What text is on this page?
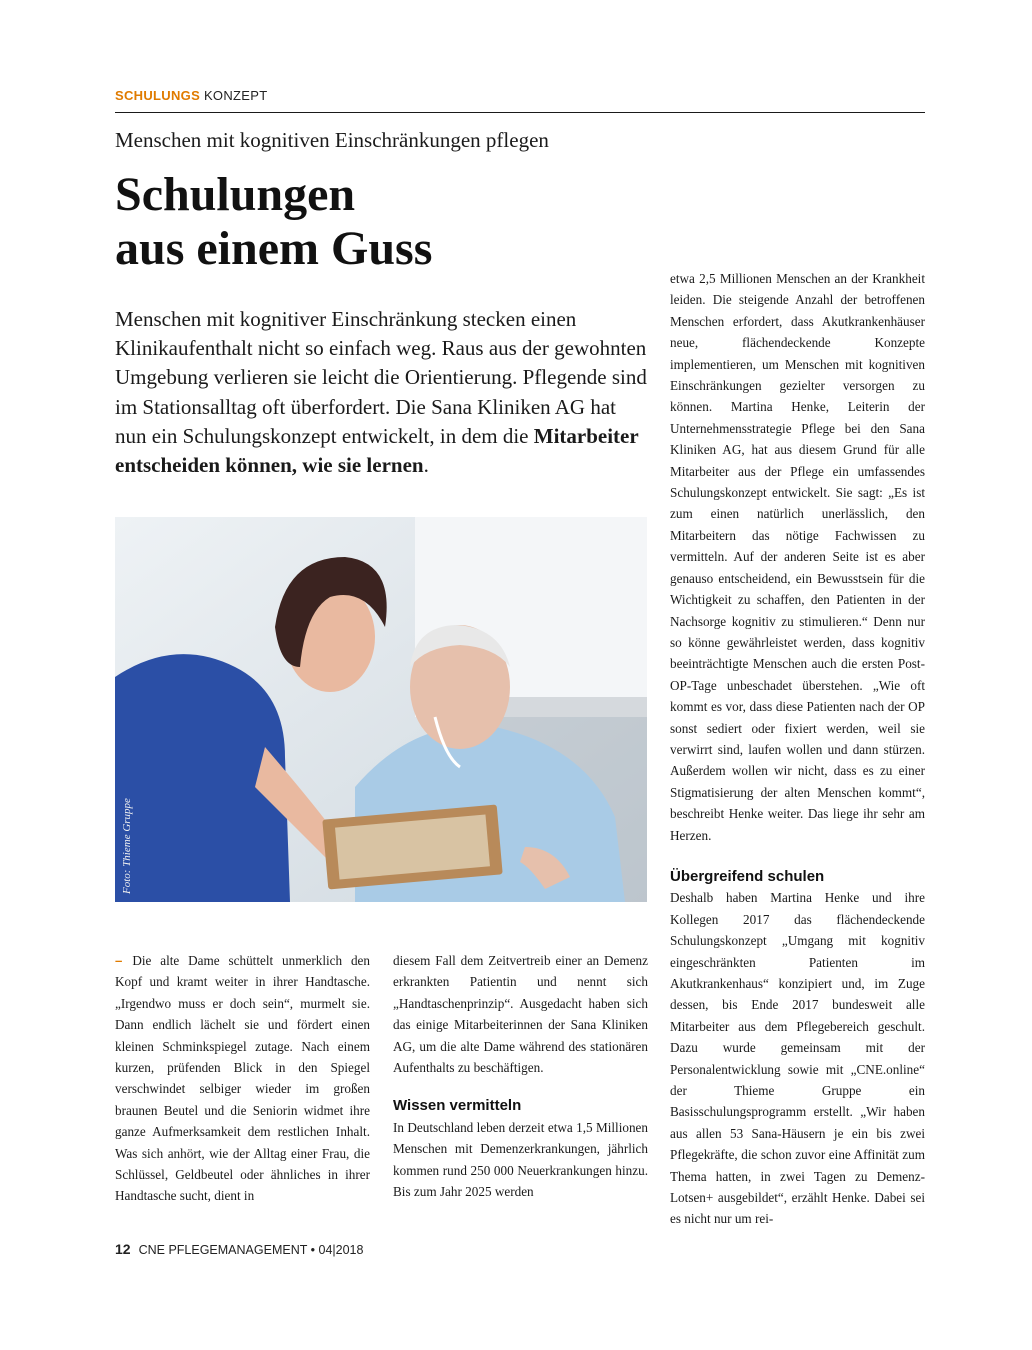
SCHULUNGS KONZEPT
Menschen mit kognitiven Einschränkungen pflegen
Schulungen
aus einem Guss

Menschen mit kognitiver Einschränkung stecken einen Klinikaufenthalt nicht so einfach weg. Raus aus der gewohnten Umgebung verlieren sie leicht die Orientierung. Pflegende sind im Stationsalltag oft überfordert. Die Sana Kliniken AG hat nun ein Schulungskonzept entwickelt, in dem die Mitarbeiter entscheiden können, wie sie lernen.

Foto: Thieme Gruppe

– Die alte Dame schüttelt unmerklich den Kopf und kramt weiter in ihrer Handtasche. „Irgendwo muss er doch sein“, murmelt sie. Dann endlich lächelt sie und fördert einen kleinen Schminkspiegel zutage. Nach einem kurzen, prüfenden Blick in den Spiegel verschwindet selbiger wieder im großen braunen Beutel und die Seniorin widmet ihre ganze Aufmerksamkeit dem restlichen Inhalt. Was sich anhört, wie der Alltag einer Frau, die Schlüssel, Geldbeutel oder ähnliches in ihrer Handtasche sucht, dient in

diesem Fall dem Zeitvertreib einer an Demenz erkrankten Patientin und nennt sich „Handtaschenprinzip“. Ausgedacht haben sich das einige Mitarbeiterinnen der Sana Kliniken AG, um die alte Dame während des stationären Aufenthalts zu beschäftigen.

Wissen vermitteln

In Deutschland leben derzeit etwa 1,5 Millionen Menschen mit Demenzerkrankungen, jährlich kommen rund 250 000 Neuerkrankungen hinzu. Bis zum Jahr 2025 werden

etwa 2,5 Millionen Menschen an der Krankheit leiden. Die steigende Anzahl der betroffenen Menschen erfordert, dass Akutkrankenhäuser neue, flächendeckende Konzepte implementieren, um Menschen mit kognitiven Einschränkungen gezielter versorgen zu können. Martina Henke, Leiterin der Unternehmensstrategie Pflege bei den Sana Kliniken AG, hat aus diesem Grund für alle Mitarbeiter aus der Pflege ein umfassendes Schulungskonzept entwickelt. Sie sagt: „Es ist zum einen natürlich unerlässlich, den Mitarbeitern das nötige Fachwissen zu vermitteln. Auf der anderen Seite ist es aber genauso entscheidend, ein Bewusstsein für die Wichtigkeit zu schaffen, den Patienten in der Nachsorge kognitiv zu stimulieren.“ Denn nur so könne gewährleistet werden, dass kognitiv beeinträchtigte Menschen auch die ersten Post-OP-Tage unbeschadet überstehen. „Wie oft kommt es vor, dass diese Patienten nach der OP sonst sediert oder fixiert werden, weil sie verwirrt sind, laufen wollen und dann stürzen. Außerdem wollen wir nicht, dass es zu einer Stigmatisierung der alten Menschen kommt“, beschreibt Henke weiter. Das liege ihr sehr am Herzen.

Übergreifend schulen

Deshalb haben Martina Henke und ihre Kollegen 2017 das flächendeckende Schulungskonzept „Umgang mit kognitiv eingeschränkten Patienten im Akutkrankenhaus“ konzipiert und, im Zuge dessen, bis Ende 2017 bundesweit alle Mitarbeiter aus dem Pflegebereich geschult. Dazu wurde gemeinsam mit der Personalentwicklung sowie mit „CNE.online“ der Thieme Gruppe ein Basisschulungsprogramm erstellt. „Wir haben aus allen 53 Sana-Häusern je ein bis zwei Pflegekräfte, die schon zuvor eine Affinität zum Thema hatten, in zwei Tagen zu Demenz-Lotsen+ ausgebildet“, erzählt Henke. Dabei sei es nicht nur um rei-

12 CNE PFLEGEMANAGEMENT • 04|2018
